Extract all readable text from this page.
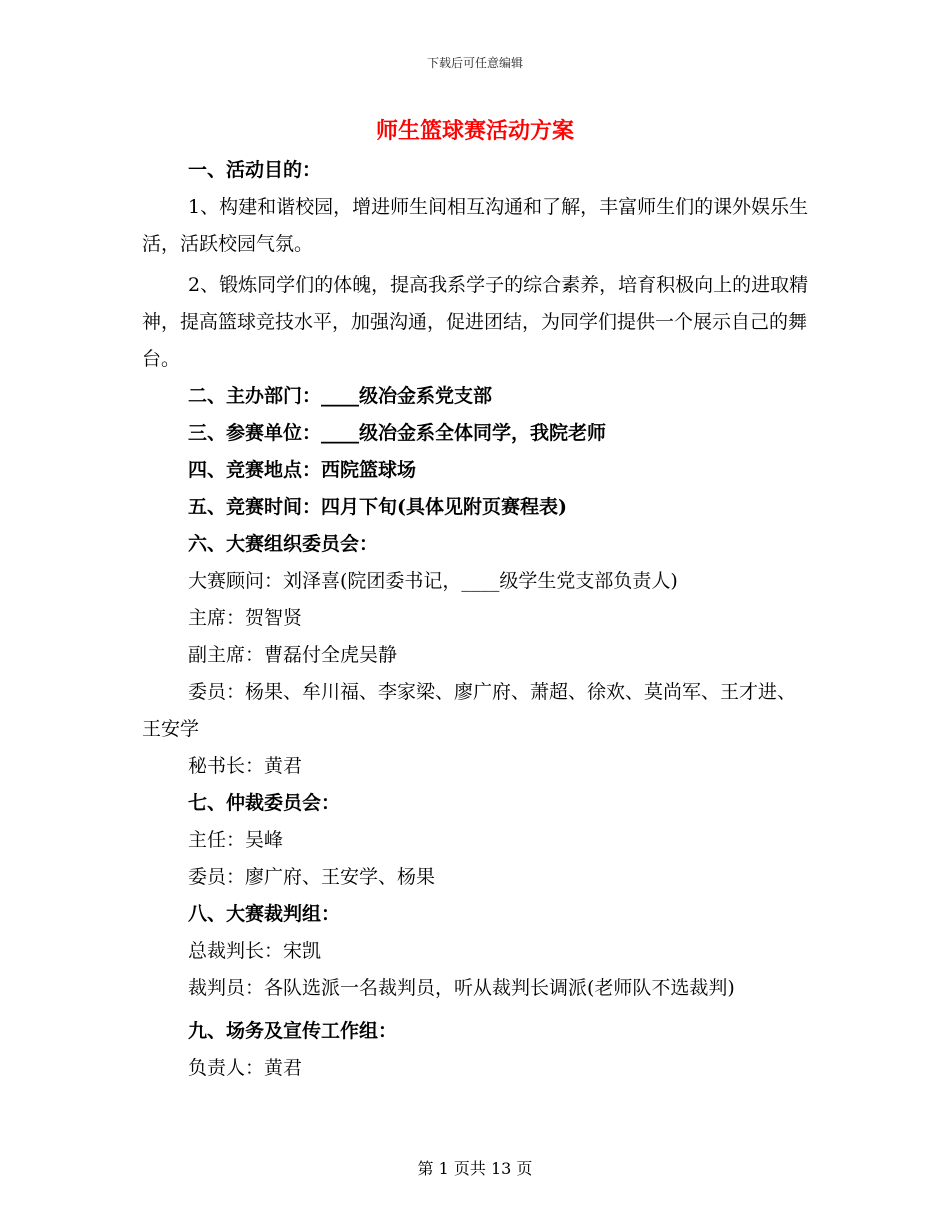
下载后可任意编辑
师生篮球赛活动方案

一、活动目的：

1、构建和谐校园，增进师生间相互沟通和了解，丰富师生们的课外娱乐生活，活跃校园气氛。

2、锻炼同学们的体魄，提高我系学子的综合素养，培育积极向上的进取精神，提高篮球竞技水平，加强沟通，促进团结，为同学们提供一个展示自己的舞台。

二、主办部门：____级冶金系党支部

三、参赛单位：____级冶金系全体同学，我院老师

四、竞赛地点：西院篮球场

五、竞赛时间：四月下旬(具体见附页赛程表)

六、大赛组织委员会：

大赛顾问：刘泽喜(院团委书记，____级学生党支部负责人)

主席：贺智贤

副主席：曹磊付全虎吴静

委员：杨果、牟川福、李家梁、廖广府、萧超、徐欢、莫尚军、王才进、王安学

秘书长：黄君

七、仲裁委员会：

主任：吴峰

委员：廖广府、王安学、杨果

八、大赛裁判组：

总裁判长：宋凯

裁判员：各队选派一名裁判员，听从裁判长调派(老师队不选裁判)

九、场务及宣传工作组：

负责人：黄君

第 1 页共 13 页
